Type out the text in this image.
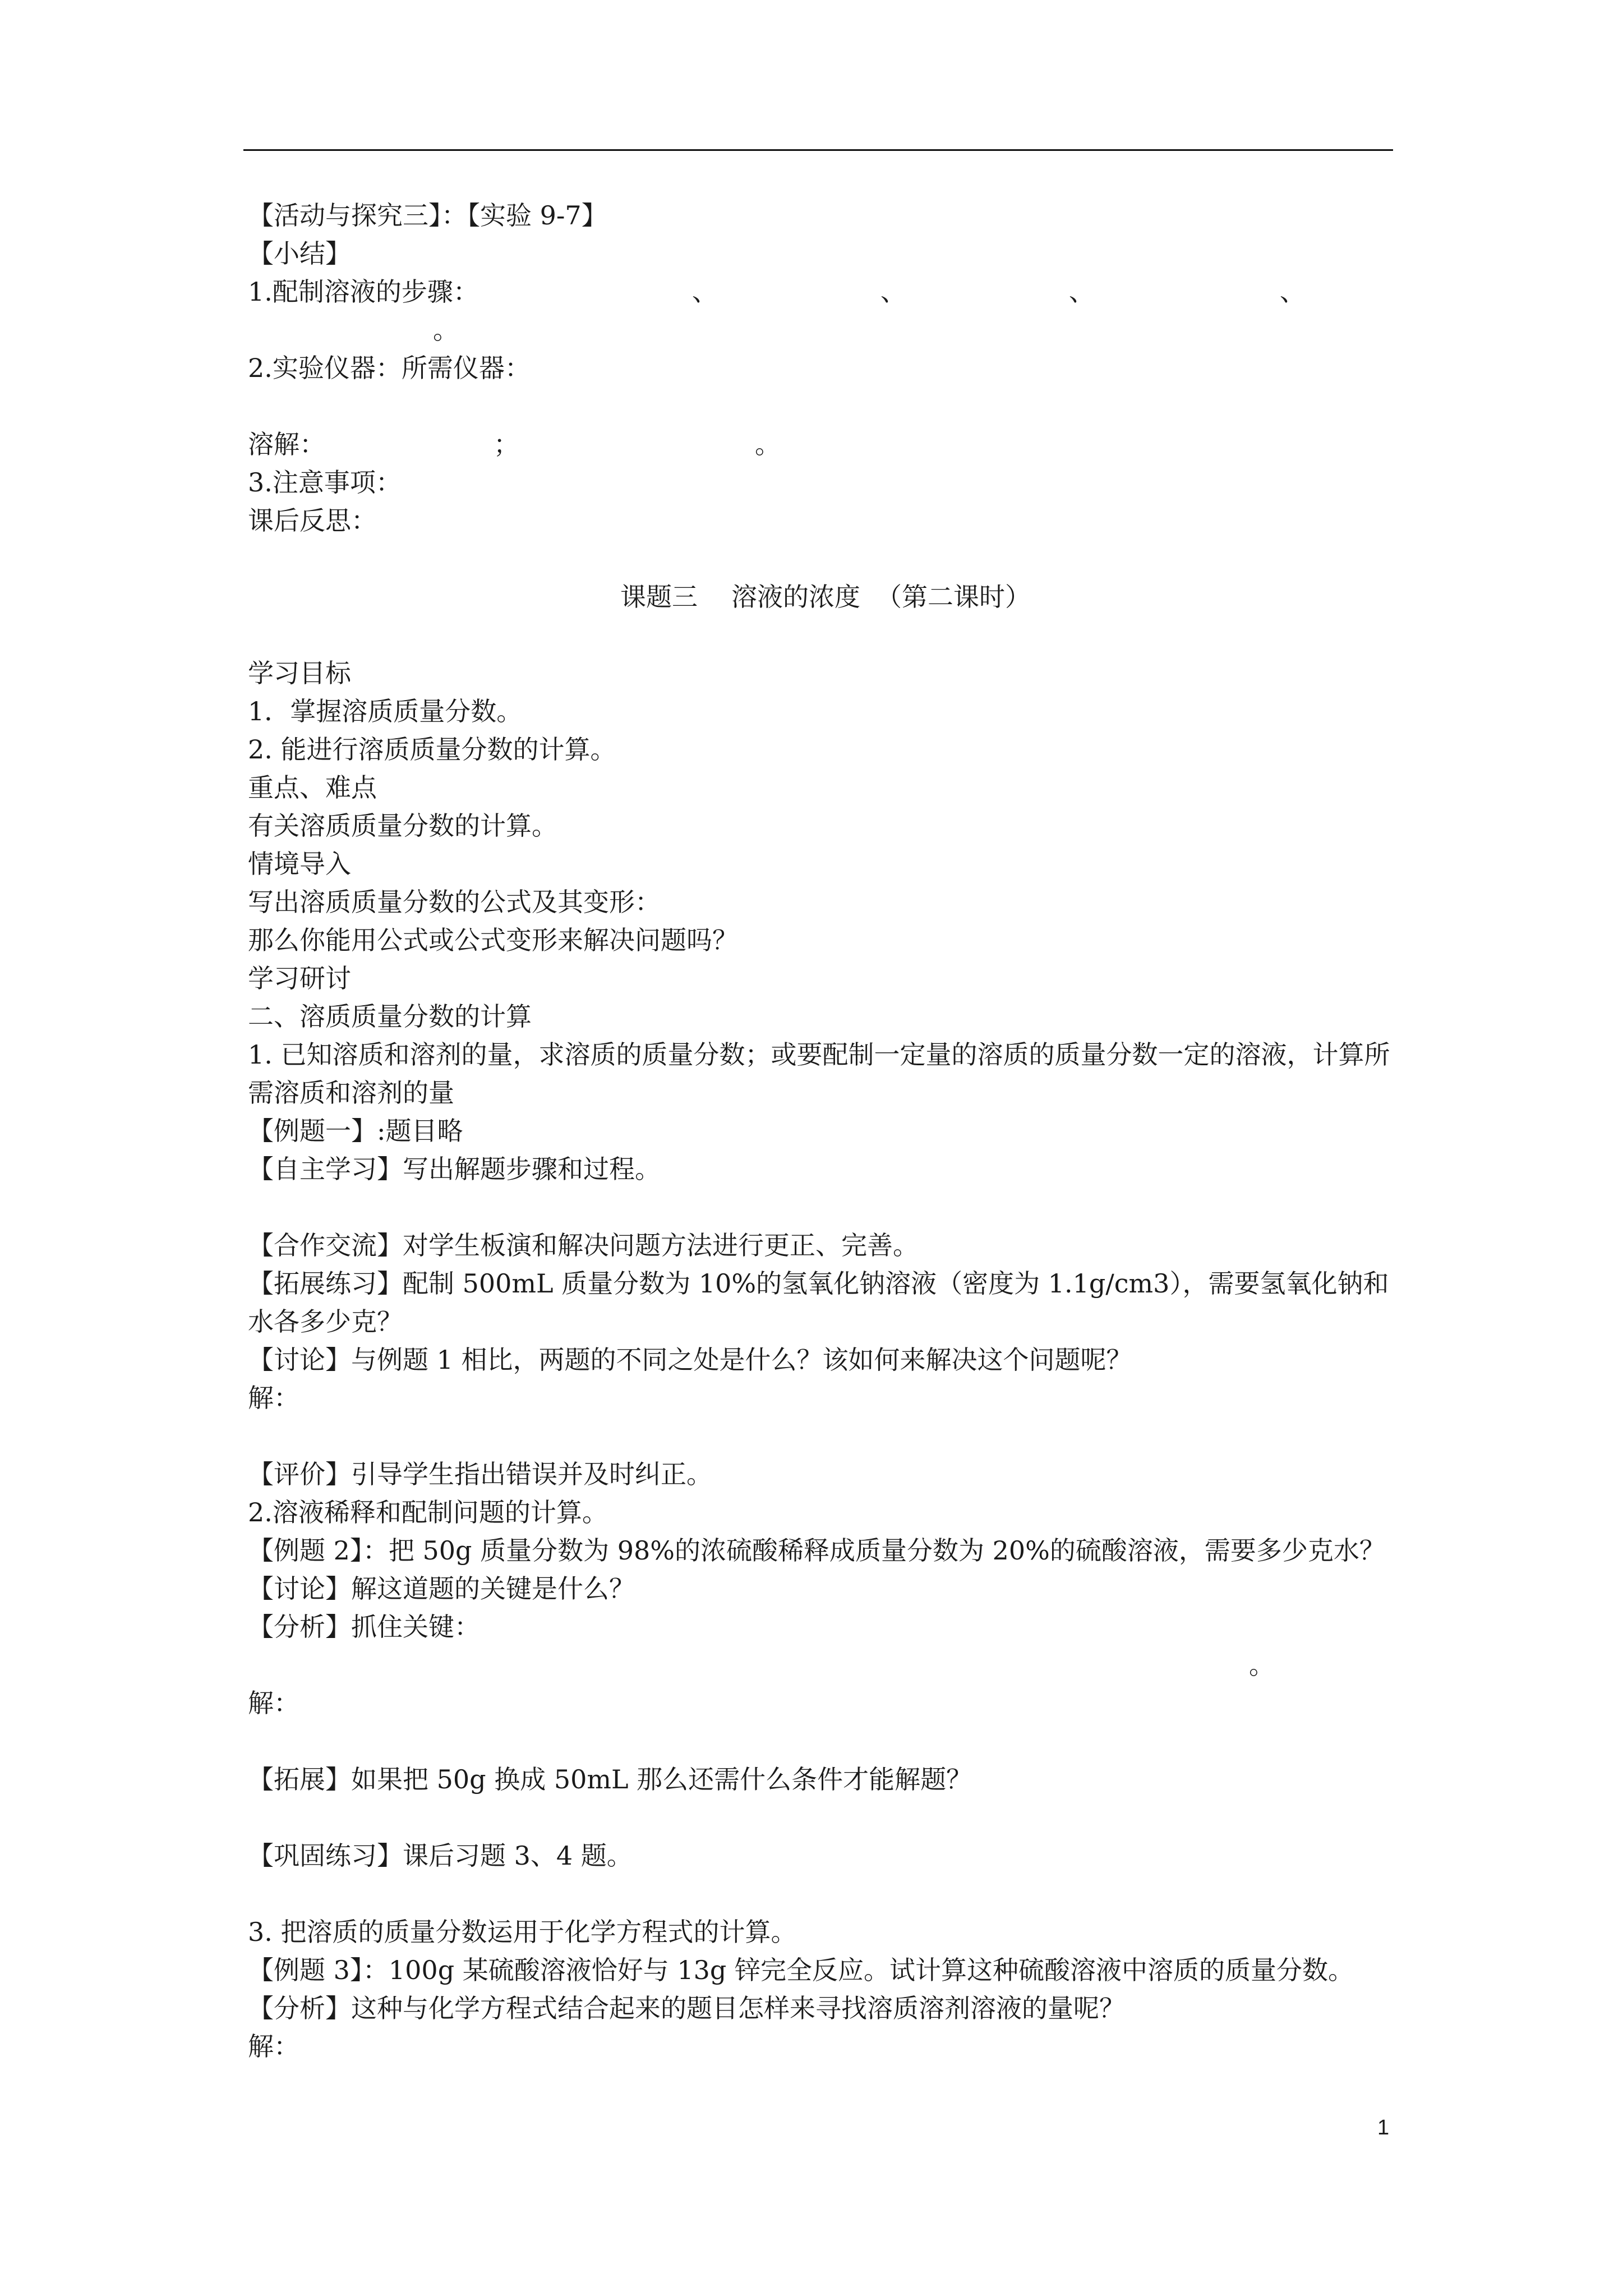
【活动与探究三】：【实验 9-7】
【小结】
1.配制溶液的步骤：	、	、	、	、
。
2.实验仪器：所需仪器：
溶解：	；	。
3.注意事项：
课后反思：
课题三 溶液的浓度 （第二课时）
学习目标
1．掌握溶质质量分数。
2. 能进行溶质质量分数的计算。
重点、难点
有关溶质质量分数的计算。
情境导入
写出溶质质量分数的公式及其变形：
那么你能用公式或公式变形来解决问题吗？
学习研讨
二、溶质质量分数的计算
1. 已知溶质和溶剂的量，求溶质的质量分数；或要配制一定量的溶质的质量分数一定的溶液，计算所需溶质和溶剂的量
【例题一】:题目略
【自主学习】写出解题步骤和过程。
【合作交流】对学生板演和解决问题方法进行更正、完善。
【拓展练习】配制 500mL 质量分数为 10%的氢氧化钠溶液（密度为 1.1g/cm3），需要氢氧化钠和水各多少克？
【讨论】与例题 1 相比，两题的不同之处是什么？该如何来解决这个问题呢？
解：
【评价】引导学生指出错误并及时纠正。
2.溶液稀释和配制问题的计算。
【例题 2】：把 50g 质量分数为 98%的浓硫酸稀释成质量分数为 20%的硫酸溶液，需要多少克水？
【讨论】解这道题的关键是什么？
【分析】抓住关键：
。
解：
【拓展】如果把 50g 换成 50mL 那么还需什么条件才能解题？
【巩固练习】课后习题 3、4 题。
3. 把溶质的质量分数运用于化学方程式的计算。
【例题 3】：100g 某硫酸溶液恰好与 13g 锌完全反应。试计算这种硫酸溶液中溶质的质量分数。
【分析】这种与化学方程式结合起来的题目怎样来寻找溶质溶剂溶液的量呢？
解：
1
